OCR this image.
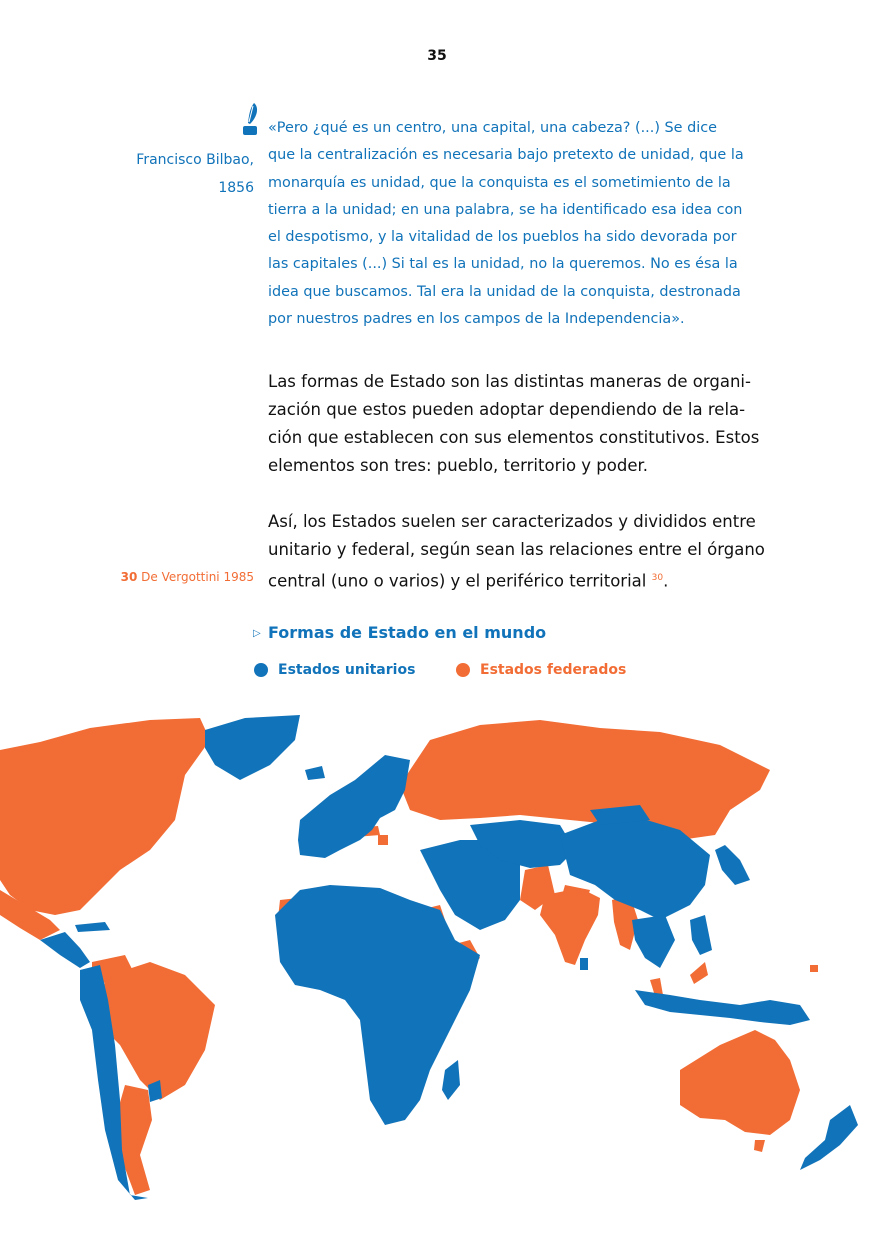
35
Francisco Bilbao,
1856
«Pero ¿qué es un centro, una capital, una cabeza? (...) Se dice
que la centralización es necesaria bajo pretexto de unidad, que la
monarquía es unidad, que la conquista es el sometimiento de la
tierra a la unidad; en una palabra, se ha identificado esa idea con
el despotismo, y la vitalidad de los pueblos ha sido devorada por
las capitales (...) Si tal es la unidad, no la queremos. No es ésa la
idea que buscamos. Tal era la unidad de la conquista, destronada
por nuestros padres en los campos de la Independencia».
Las formas de Estado son las distintas maneras de organi-
zación que estos pueden adoptar dependiendo de la rela-
ción que establecen con sus elementos constitutivos. Estos
elementos son tres: pueblo, territorio y poder.
Así, los Estados suelen ser caracterizados y divididos entre
unitario y federal, según sean las relaciones entre el órgano
central (uno o varios) y el periférico territorial $^{30}$.
30 De Vergottini 1985
▷ Formas de Estado en el mundo
Estados unitarios	Estados federados
